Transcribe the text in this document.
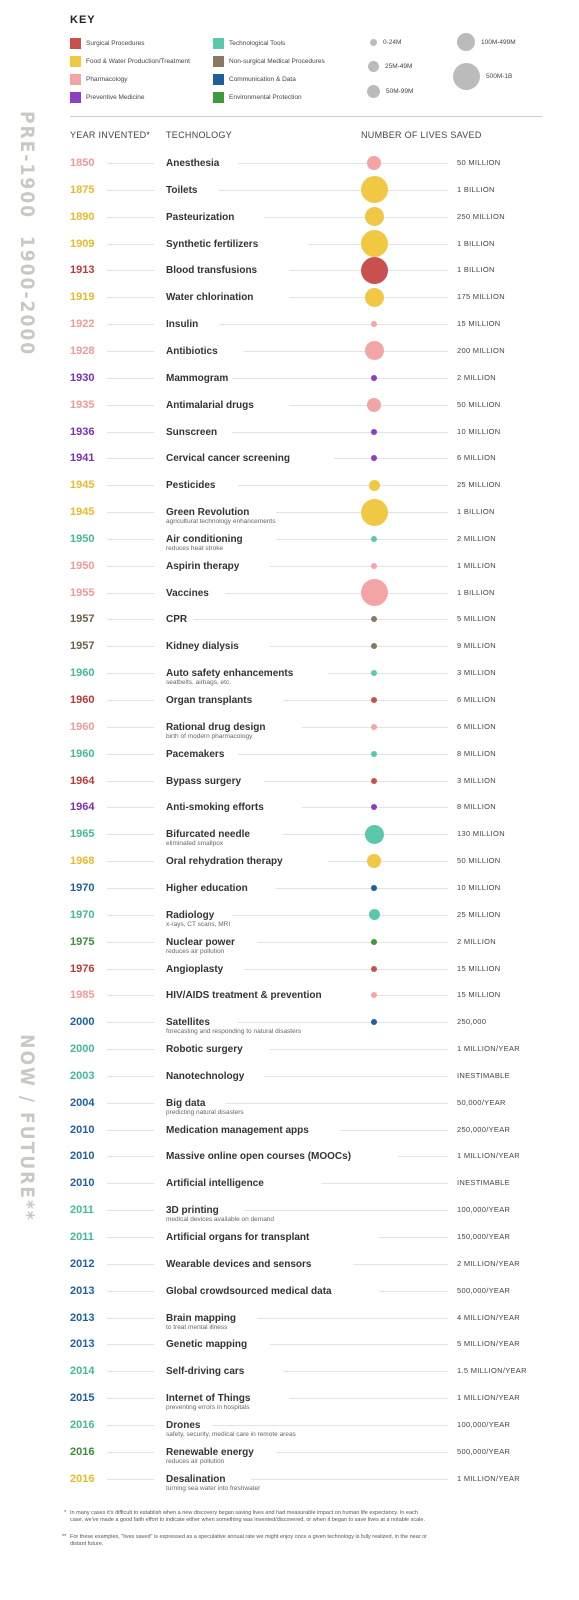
PRE-1900
1900-2000
NOW / FUTURE**
KEY
Surgical Procedures
Food & Water Production/Treatment
Pharmacology
Preventive Medicine
Technological Tools
Non-surgical Medical Procedures
Communication & Data
Environmental Protection
0-24M
25M-49M
50M-99M
100M-499M
500M-1B
YEAR INVENTED* TECHNOLOGY	NUMBER OF LIVES SAVED
1850	Anesthesia	50 MILLION
1875	Toilets	1 BILLION
1890	Pasteurization	250 MILLION
1909	Synthetic fertilizers	1 BILLION
1913	Blood transfusions	1 BILLION
1919	Water chlorination	175 MILLION
1922	Insulin	15 MILLION
1928	Antibiotics	200 MILLION
1930	Mammogram	2 MILLION
1935	Antimalarial drugs	50 MILLION
1936	Sunscreen	10 MILLION
1941	Cervical cancer screening	6 MILLION
1945	Pesticides	25 MILLION
1945	Green Revolution
agricultural technology enhancements
1 BILLION
1950	Air conditioning
reduces heat stroke
2 MILLION
1950	Aspirin therapy	1 MILLION
1955	Vaccines	1 BILLION
1957	CPR	5 MILLION
1957	Kidney dialysis	9 MILLION
1960	Auto safety enhancements
seatbelts, airbags, etc.
3 MILLION
1960	Organ transplants	6 MILLION
1960	Rational drug design
birth of modern pharmacology
6 MILLION
1960	Pacemakers	8 MILLION
1964	Bypass surgery	3 MILLION
1964	Anti-smoking efforts	8 MILLION
1965	Bifurcated needle
eliminated smallpox
130 MILLION
1968	Oral rehydration therapy	50 MILLION
1970	Higher education	10 MILLION
1970	Radiology
x-rays, CT scans, MRI
25 MILLION
1975	Nuclear power
reduces air pollution
2 MILLION
1976	Angioplasty	15 MILLION
1985	HIV/AIDS treatment & prevention	15 MILLION
2000	Satellites
forecasting and responding to natural disasters
250,000
2000	Robotic surgery	1 MILLION/YEAR
2003	Nanotechnology	INESTIMABLE
2004	Big data
predicting natural disasters
50,000/YEAR
2010	Medication management apps	250,000/YEAR
2010	Massive online open courses (MOOCs)	1 MILLION/YEAR
2010	Artificial intelligence	INESTIMABLE
2011	3D printing
medical devices available on demand
100,000/YEAR
2011	Artificial organs for transplant	150,000/YEAR
2012	Wearable devices and sensors	2 MILLION/YEAR
2013	Global crowdsourced medical data	500,000/YEAR
2013	Brain mapping
to treat mental illness
4 MILLION/YEAR
2013	Genetic mapping	5 MILLION/YEAR
2014	Self-driving cars	1.5 MILLION/YEAR
2015	Internet of Things
preventing errors in hospitals
1 MILLION/YEAR
2016	Drones
safety, security, medical care in remote areas
100,000/YEAR
2016	Renewable energy
reduces air pollution
500,000/YEAR
2016	Desalination
turning sea water into freshwater
1 MILLION/YEAR
* In many cases it's difficult to establish when a new discovery began saving lives and had measurable impact on human life expectancy. In each case, we've made a good faith effort to indicate either when something was invented/discovered, or when it began to save lives at a notable scale.
** For these examples, "lives saved" is expressed as a speculative annual rate we might enjoy once a given technology is fully realized, in the near or distant future.
